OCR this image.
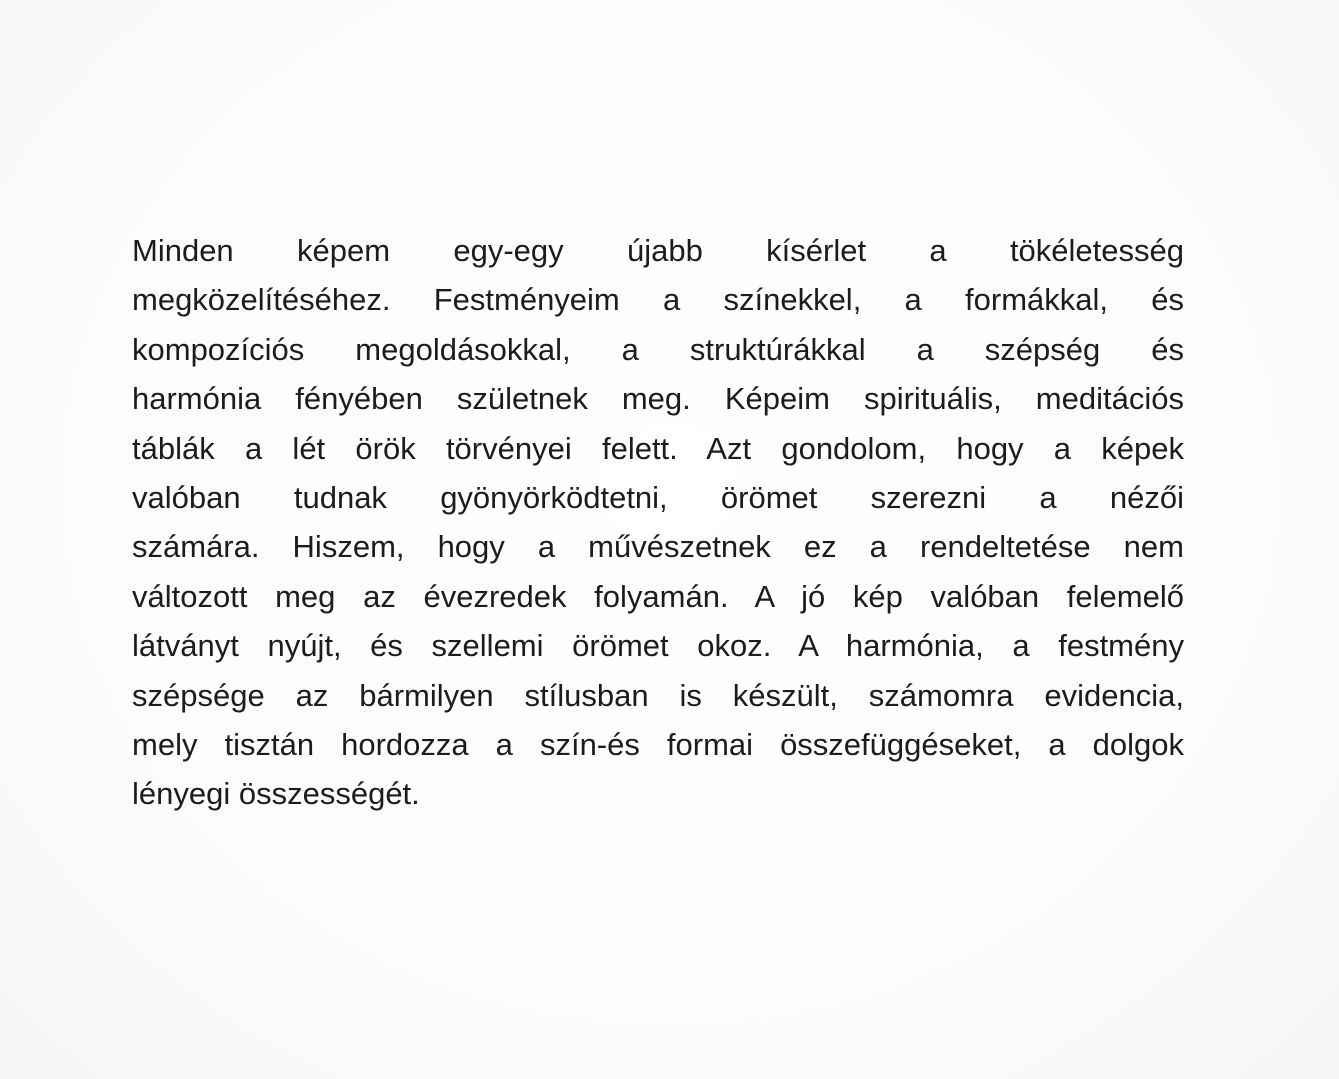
Minden képem egy-egy újabb kísérlet a tökéletesség
megközelítéséhez. Festményeim a színekkel, a formákkal, és
kompozíciós megoldásokkal, a struktúrákkal a szépség és
harmónia fényében születnek meg. Képeim spirituális, meditációs
táblák a lét örök törvényei felett. Azt gondolom, hogy a képek
valóban tudnak gyönyörködtetni, örömet szerezni a nézői
számára. Hiszem, hogy a művészetnek ez a rendeltetése nem
változott meg az évezredek folyamán. A jó kép valóban felemelő
látványt nyújt, és szellemi örömet okoz. A harmónia, a festmény
szépsége az bármilyen stílusban is készült, számomra evidencia,
mely tisztán hordozza a szín-és formai összefüggéseket, a dolgok
lényegi összességét.
